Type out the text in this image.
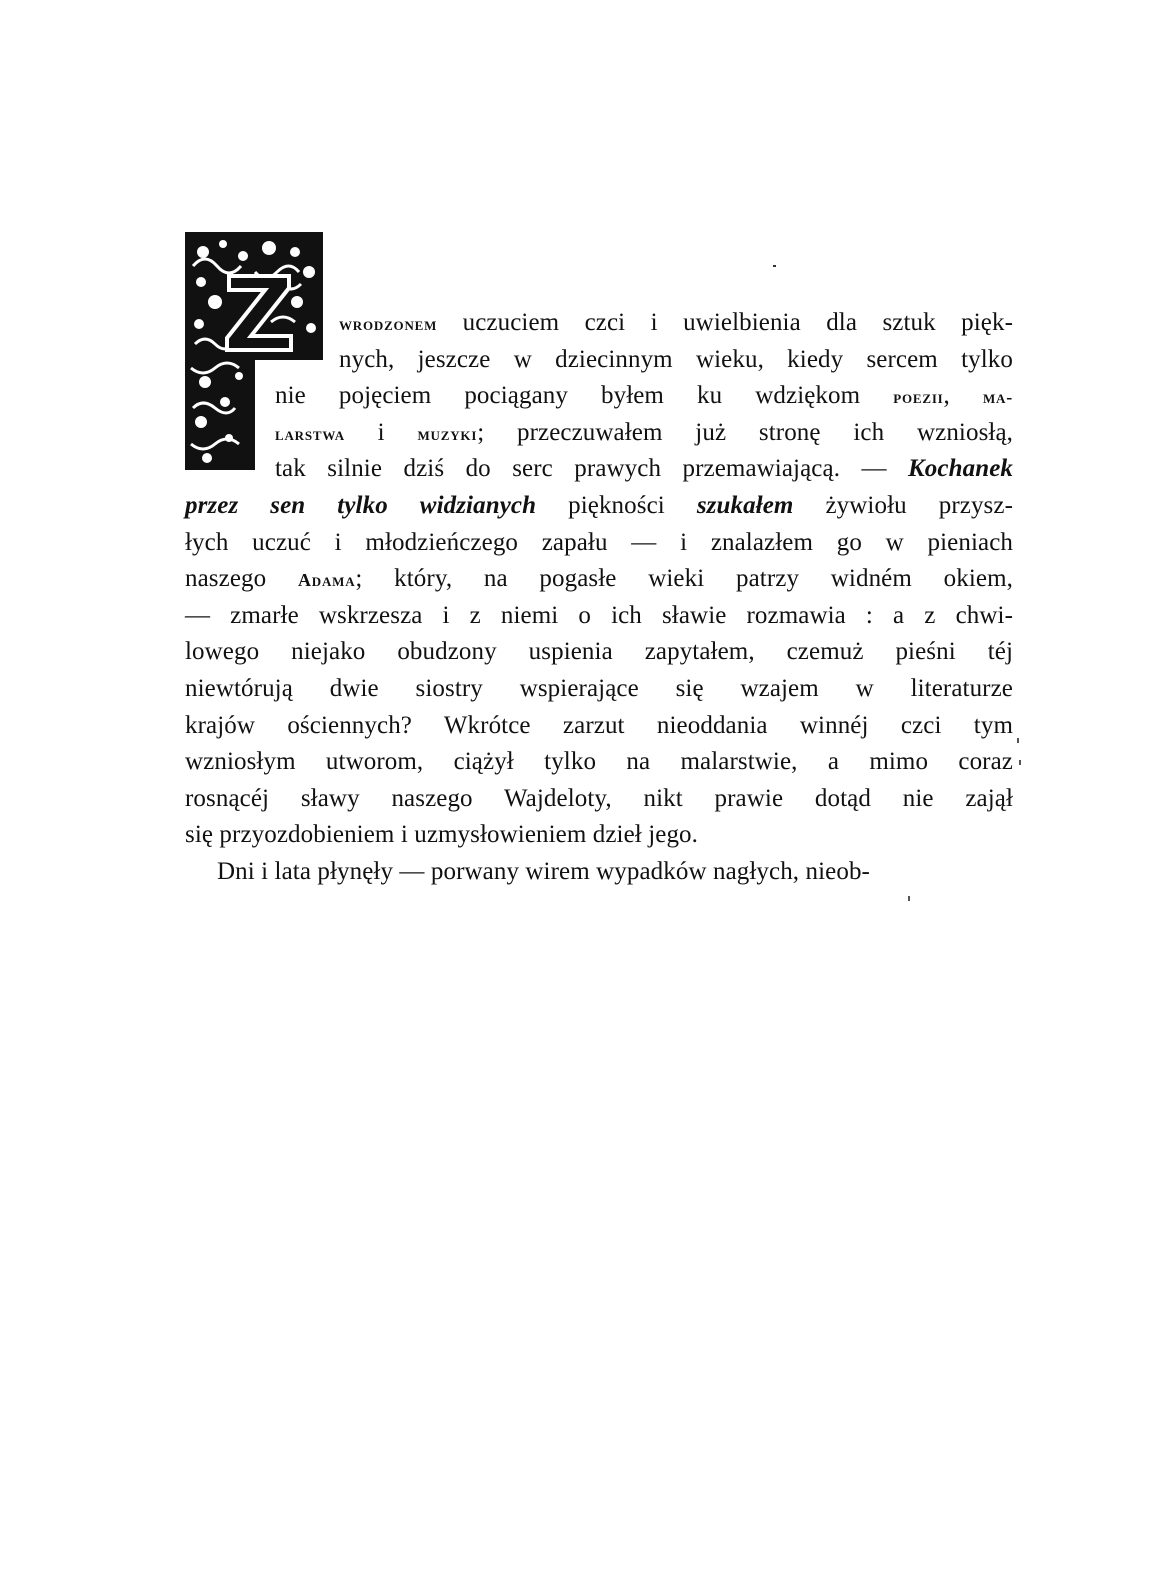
wrodzonem uczuciem czci i uwielbienia dla sztuk pięk-
nych, jeszcze w dziecinnym wieku, kiedy sercem tylko
nie pojęciem pociągany byłem ku wdziękom poezii, ma-
larstwa i muzyki; przeczuwałem już stronę ich wzniosłą,
tak silnie dziś do serc prawych przemawiającą. — Kochanek
przez sen tylko widzianych piękności szukałem żywiołu przysz-
łych uczuć i młodzieńczego zapału — i znalazłem go w pieniach
naszego Adama; który, na pogasłe wieki patrzy widném okiem,
— zmarłe wskrzesza i z niemi o ich sławie rozmawia : a z chwi-
lowego niejako obudzony uspienia zapytałem, czemuż pieśni téj
niewtórują dwie siostry wspierające się wzajem w literaturze
krajów ościennych? Wkrótce zarzut nieoddania winnéj czci tym
wzniosłym utworom, ciążył tylko na malarstwie, a mimo coraz
rosnącéj sławy naszego Wajdeloty, nikt prawie dotąd nie zajął
się przyozdobieniem i uzmysłowieniem dzieł jego.
Dni i lata płynęły — porwany wirem wypadków nagłych, nieob-
